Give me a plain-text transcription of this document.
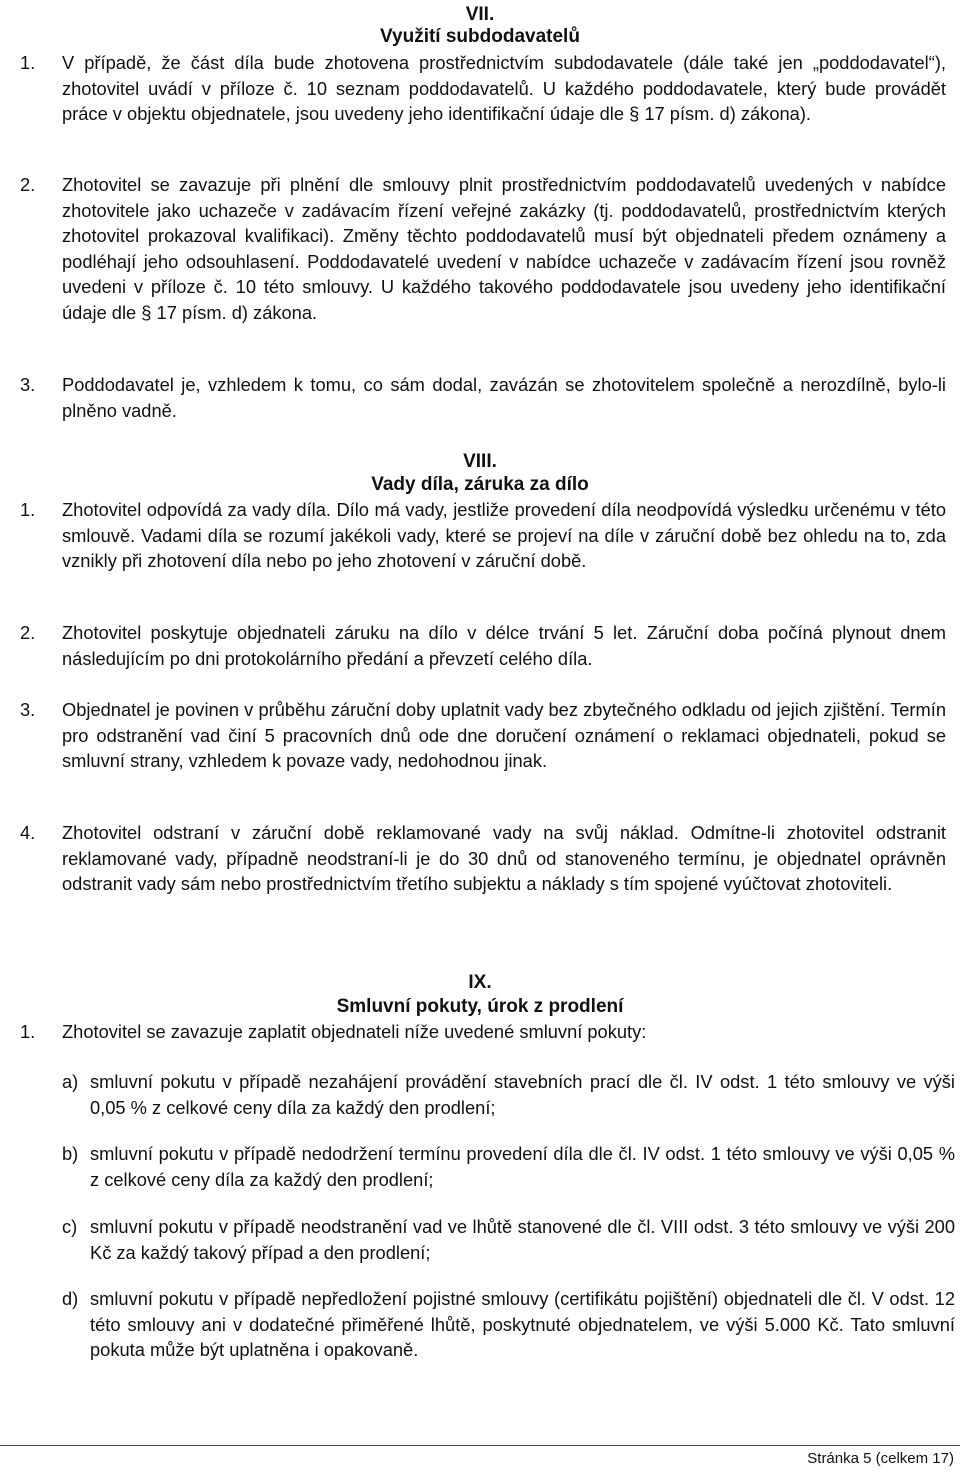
VII.
Využití subdodavatelů
1. V případě, že část díla bude zhotovena prostřednictvím subdodavatele (dále také jen „poddodavatel“), zhotovitel uvádí v příloze č. 10 seznam poddodavatelů. U každého poddodavatele, který bude provádět práce v objektu objednatele, jsou uvedeny jeho identifikační údaje dle § 17 písm. d) zákona).
2. Zhotovitel se zavazuje při plnění dle smlouvy plnit prostřednictvím poddodavatelů uvedených v nabídce zhotovitele jako uchazeče v zadávacím řízení veřejné zakázky (tj. poddodavatelů, prostřednictvím kterých zhotovitel prokazoval kvalifikaci). Změny těchto poddodavatelů musí být objednateli předem oznámeny a podléhají jeho odsouhlasení. Poddodavatelé uvedení v nabídce uchazeče v zadávacím řízení jsou rovněž uvedeni v příloze č. 10 této smlouvy. U každého takového poddodavatele jsou uvedeny jeho identifikační údaje dle § 17 písm. d) zákona.
3. Poddodavatel je, vzhledem k tomu, co sám dodal, zavázán se zhotovitelem společně a nerozdílně, bylo-li plněno vadně.
VIII.
Vady díla, záruka za dílo
1. Zhotovitel odpovídá za vady díla. Dílo má vady, jestliže provedení díla neodpovídá výsledku určenému v této smlouvě. Vadami díla se rozumí jakékoli vady, které se projeví na díle v záruční době bez ohledu na to, zda vznikly při zhotovení díla nebo po jeho zhotovení v záruční době.
2. Zhotovitel poskytuje objednateli záruku na dílo v délce trvání 5 let. Záruční doba počíná plynout dnem následujícím po dni protokolárního předání a převzetí celého díla.
3. Objednatel je povinen v průběhu záruční doby uplatnit vady bez zbytečného odkladu od jejich zjištění. Termín pro odstranění vad činí 5 pracovních dnů ode dne doručení oznámení o reklamaci objednateli, pokud se smluvní strany, vzhledem k povaze vady, nedohodnou jinak.
4. Zhotovitel odstraní v záruční době reklamované vady na svůj náklad. Odmítne-li zhotovitel odstranit reklamované vady, případně neodstraní-li je do 30 dnů od stanoveného termínu, je objednatel oprávněn odstranit vady sám nebo prostřednictvím třetího subjektu a náklady s tím spojené vyúčtovat zhotoviteli.
IX.
Smluvní pokuty, úrok z prodlení
1. Zhotovitel se zavazuje zaplatit objednateli níže uvedené smluvní pokuty:
a) smluvní pokutu v případě nezahájení provádění stavebních prací dle čl. IV odst. 1 této smlouvy ve výši 0,05 % z celkové ceny díla za každý den prodlení;
b) smluvní pokutu v případě nedodržení termínu provedení díla dle čl. IV odst. 1 této smlouvy ve výši 0,05 % z celkové ceny díla za každý den prodlení;
c) smluvní pokutu v případě neodstranění vad ve lhůtě stanovené dle čl. VIII odst. 3 této smlouvy ve výši 200 Kč za každý takový případ a den prodlení;
d) smluvní pokutu v případě nepředložení pojistné smlouvy (certifikátu pojištění) objednateli dle čl. V odst. 12 této smlouvy ani v dodatečné přiměřené lhůtě, poskytnuté objednatelem, ve výši 5.000 Kč. Tato smluvní pokuta může být uplatněna i opakovaně.
Stránka 5 (celkem 17)
